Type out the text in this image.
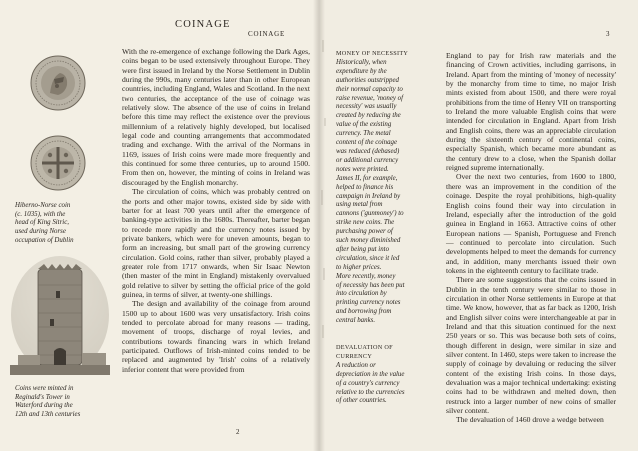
COINAGE
Hiberno-Norse coin
(c. 1035), with the
head of King Sitric,
used during Norse
occupation of Dublin
Coins were minted in
Reginald's Tower in
Waterford during the
12th and 13th centuries

With the re-emergence of exchange following the Dark Ages, coins began to be used extensively throughout Europe. They were first issued in Ireland by the Norse Settlement in Dublin during the 990s, many centuries later than in other European countries, including England, Wales and Scotland. In the next two centuries, the acceptance of the use of coinage was relatively slow. The absence of the use of coins in Ireland before this time may reflect the existence over the previous millennium of a relatively highly developed, but localised legal code and counting arrangements that accommodated trading and exchange. With the arrival of the Normans in 1169, issues of Irish coins were made more frequently and this continued for some three centuries, up to around 1500. From then on, however, the minting of coins in Ireland was discouraged by the English monarchy.

The circulation of coins, which was probably centred on the ports and other major towns, existed side by side with barter for at least 700 years until after the emergence of banking-type activities in the 1680s. Thereafter, barter began to recede more rapidly and the currency notes issued by private bankers, which were for uneven amounts, began to form an increasing, but small part of the growing currency circulation. Gold coins, rather than silver, probably played a greater role from 1717 onwards, when Sir Isaac Newton (then master of the mint in England) mistakenly overvalued gold relative to silver by setting the official price of the gold guinea, in terms of silver, at twenty-one shillings.

The design and availability of the coinage from around 1500 up to about 1600 was very unsatisfactory. Irish coins tended to percolate abroad for many reasons — trading, movement of troops, discharge of royal levies, and contributions towards financing wars in which Ireland participated. Outflows of Irish-minted coins tended to be replaced and augmented by 'Irish' coins of a relatively inferior content that were provided from

2
COINAGE	3
MONEY OF NECESSITY
Historically, when
expenditure by the
authorities outstripped
their normal capacity to
raise revenue, 'money of
necessity' was usually
created by reducing the
value of the existing
currency. The metal
content of the coinage
was reduced (debased)
or additional currency
notes were printed.
James II, for example,
helped to finance his
campaign in Ireland by
using metal from
cannons ('gunmoney') to
strike new coins. The
purchasing power of
such money diminished
after being put into
circulation, since it led
to higher prices.
More recently, money
of necessity has been put
into circulation by
printing currency notes
and borrowing from
central banks.
DEVALUATION OF
CURRENCY
A reduction or
depreciation in the value
of a country's currency
relative to the currencies
of other countries.

England to pay for Irish raw materials and the financing of Crown activities, including garrisons, in Ireland. Apart from the minting of 'money of necessity' by the monarchy from time to time, no major Irish mints existed from about 1500, and there were royal prohibitions from the time of Henry VII on transporting to Ireland the more valuable English coins that were intended for circulation in England. Apart from Irish and English coins, there was an appreciable circulation during the sixteenth century of continental coins, especially Spanish, which became more abundant as the century drew to a close, when the Spanish dollar reigned supreme internationally.

Over the next two centuries, from 1600 to 1800, there was an improvement in the condition of the coinage. Despite the royal prohibitions, high-quality English coins found their way into circulation in Ireland, especially after the introduction of the gold guinea in England in 1663. Attractive coins of other European nations — Spanish, Portuguese and French — continued to percolate into circulation. Such developments helped to meet the demands for currency and, in addition, many merchants issued their own tokens in the eighteenth century to facilitate trade.

There are some suggestions that the coins issued in Dublin in the tenth century were similar to those in circulation in other Norse settlements in Europe at that time. We know, however, that as far back as 1200, Irish and English silver coins were interchangeable at par in Ireland and that this situation continued for the next 250 years or so. This was because both sets of coins, though different in design, were similar in size and silver content. In 1460, steps were taken to increase the supply of coinage by devaluing or reducing the silver content of the existing Irish coins. In those days, devaluation was a major technical undertaking: existing coins had to be withdrawn and melted down, then restruck into a larger number of new coins of smaller silver content.

The devaluation of 1460 drove a wedge between
